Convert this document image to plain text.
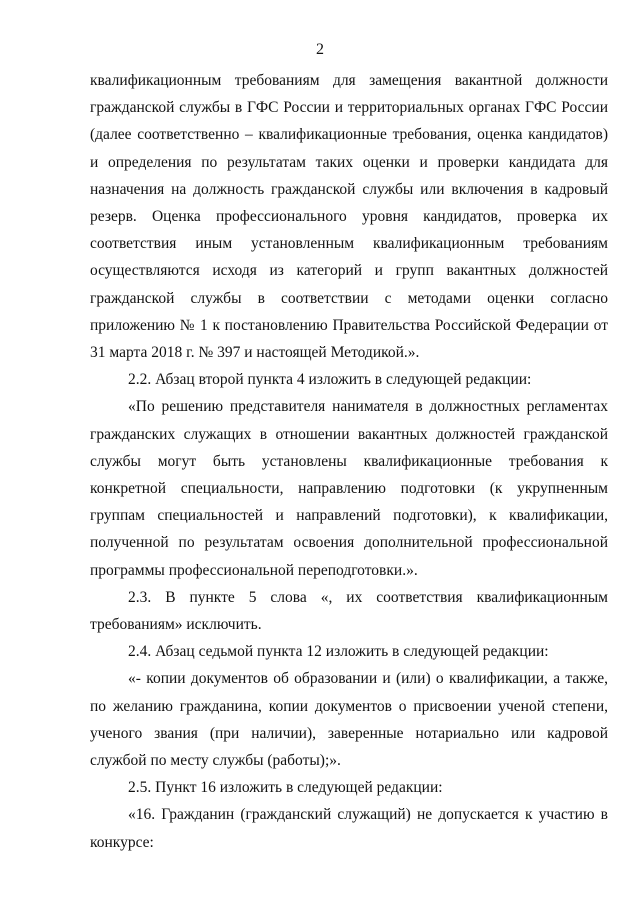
2

квалификационным требованиям для замещения вакантной должности гражданской службы в ГФС России и территориальных органах ГФС России (далее соответственно – квалификационные требования, оценка кандидатов) и определения по результатам таких оценки и проверки кандидата для назначения на должность гражданской службы или включения в кадровый резерв. Оценка профессионального уровня кандидатов, проверка их соответствия иным установленным квалификационным требованиям осуществляются исходя из категорий и групп вакантных должностей гражданской службы в соответствии с методами оценки согласно приложению № 1 к постановлению Правительства Российской Федерации от 31 марта 2018 г. № 397 и настоящей Методикой.».

2.2. Абзац второй пункта 4 изложить в следующей редакции:

«По решению представителя нанимателя в должностных регламентах гражданских служащих в отношении вакантных должностей гражданской службы могут быть установлены квалификационные требования к конкретной специальности, направлению подготовки (к укрупненным группам специальностей и направлений подготовки), к квалификации, полученной по результатам освоения дополнительной профессиональной программы профессиональной переподготовки.».

2.3. В пункте 5 слова «, их соответствия квалификационным требованиям» исключить.

2.4. Абзац седьмой пункта 12 изложить в следующей редакции:

«- копии документов об образовании и (или) о квалификации, а также, по желанию гражданина, копии документов о присвоении ученой степени, ученого звания (при наличии), заверенные нотариально или кадровой службой по месту службы (работы);».

2.5. Пункт 16 изложить в следующей редакции:

«16. Гражданин (гражданский служащий) не допускается к участию в конкурсе:
